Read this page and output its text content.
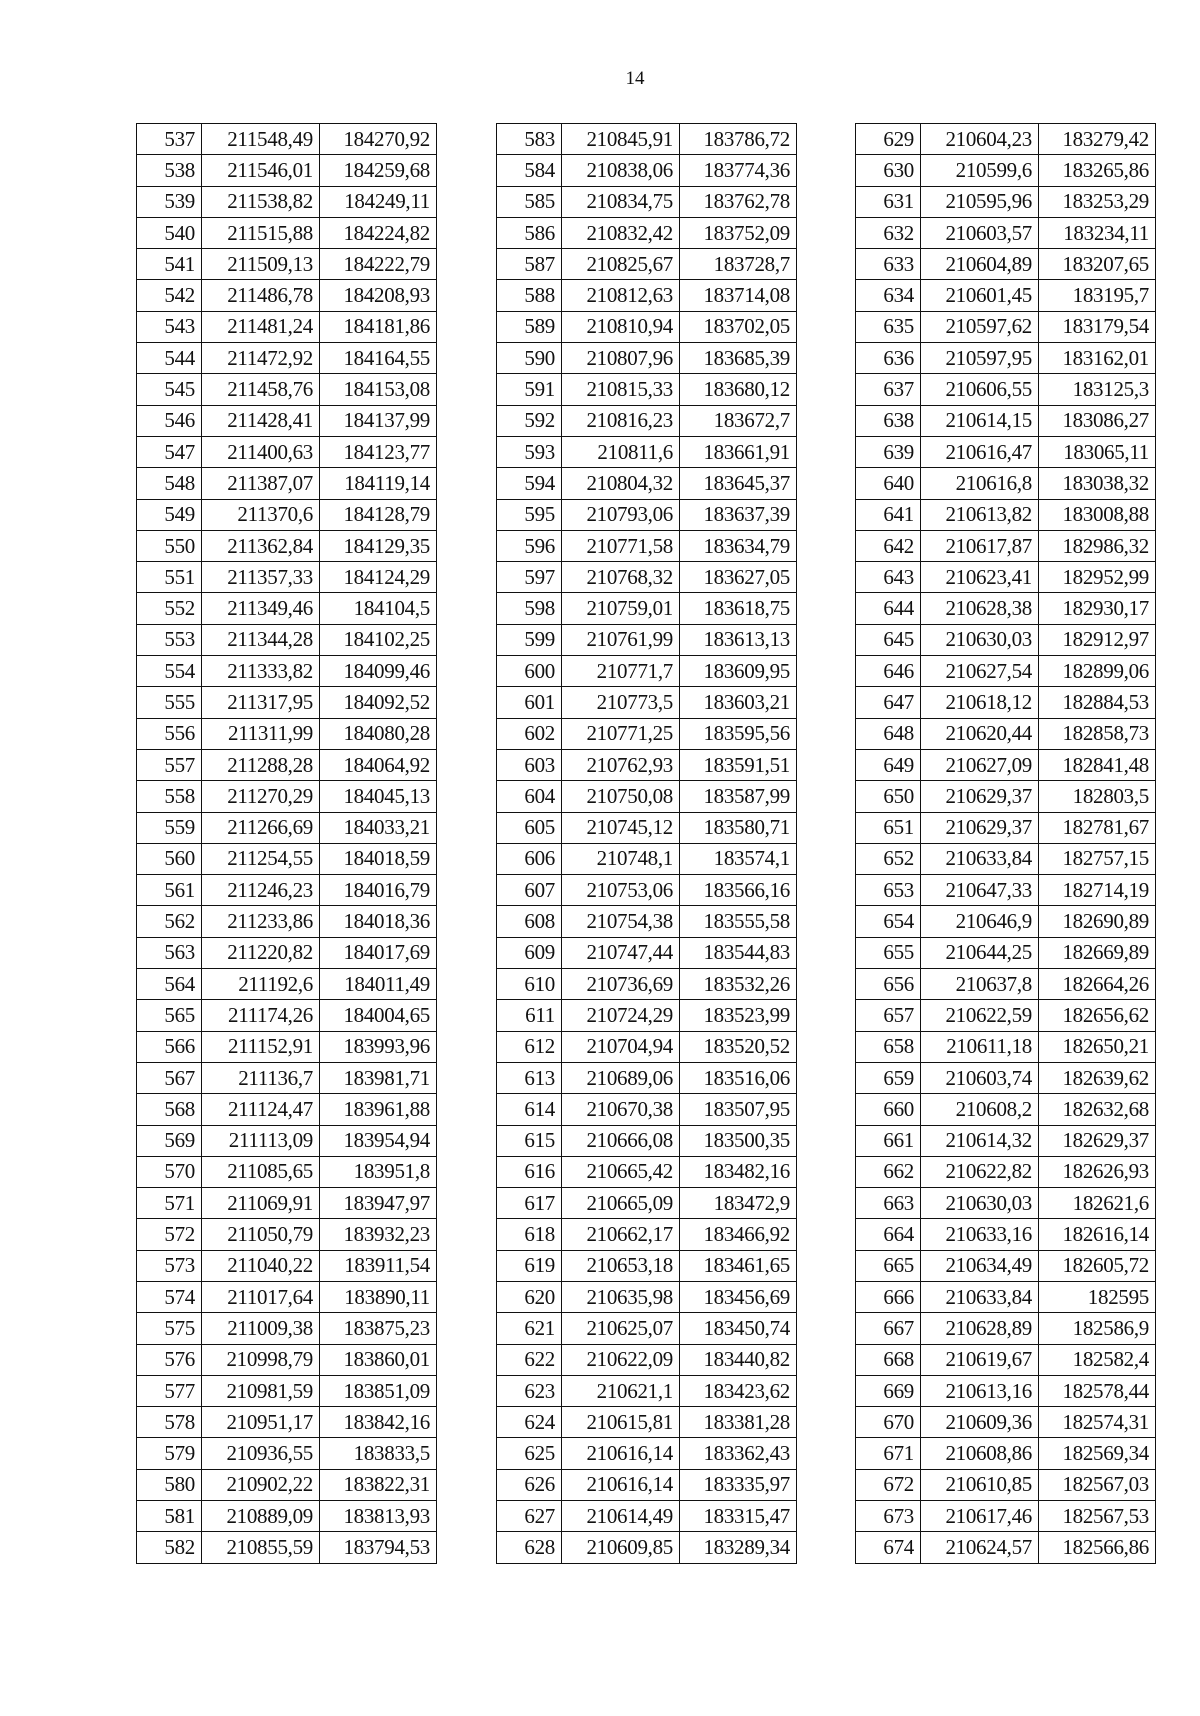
14
537	211548,49	184270,92
538	211546,01	184259,68
539	211538,82	184249,11
540	211515,88	184224,82
541	211509,13	184222,79
542	211486,78	184208,93
543	211481,24	184181,86
544	211472,92	184164,55
545	211458,76	184153,08
546	211428,41	184137,99
547	211400,63	184123,77
548	211387,07	184119,14
549	211370,6	184128,79
550	211362,84	184129,35
551	211357,33	184124,29
552	211349,46	184104,5
553	211344,28	184102,25
554	211333,82	184099,46
555	211317,95	184092,52
556	211311,99	184080,28
557	211288,28	184064,92
558	211270,29	184045,13
559	211266,69	184033,21
560	211254,55	184018,59
561	211246,23	184016,79
562	211233,86	184018,36
563	211220,82	184017,69
564	211192,6	184011,49
565	211174,26	184004,65
566	211152,91	183993,96
567	211136,7	183981,71
568	211124,47	183961,88
569	211113,09	183954,94
570	211085,65	183951,8
571	211069,91	183947,97
572	211050,79	183932,23
573	211040,22	183911,54
574	211017,64	183890,11
575	211009,38	183875,23
576	210998,79	183860,01
577	210981,59	183851,09
578	210951,17	183842,16
579	210936,55	183833,5
580	210902,22	183822,31
581	210889,09	183813,93
582	210855,59	183794,53
583	210845,91	183786,72
584	210838,06	183774,36
585	210834,75	183762,78
586	210832,42	183752,09
587	210825,67	183728,7
588	210812,63	183714,08
589	210810,94	183702,05
590	210807,96	183685,39
591	210815,33	183680,12
592	210816,23	183672,7
593	210811,6	183661,91
594	210804,32	183645,37
595	210793,06	183637,39
596	210771,58	183634,79
597	210768,32	183627,05
598	210759,01	183618,75
599	210761,99	183613,13
600	210771,7	183609,95
601	210773,5	183603,21
602	210771,25	183595,56
603	210762,93	183591,51
604	210750,08	183587,99
605	210745,12	183580,71
606	210748,1	183574,1
607	210753,06	183566,16
608	210754,38	183555,58
609	210747,44	183544,83
610	210736,69	183532,26
611	210724,29	183523,99
612	210704,94	183520,52
613	210689,06	183516,06
614	210670,38	183507,95
615	210666,08	183500,35
616	210665,42	183482,16
617	210665,09	183472,9
618	210662,17	183466,92
619	210653,18	183461,65
620	210635,98	183456,69
621	210625,07	183450,74
622	210622,09	183440,82
623	210621,1	183423,62
624	210615,81	183381,28
625	210616,14	183362,43
626	210616,14	183335,97
627	210614,49	183315,47
628	210609,85	183289,34
629	210604,23	183279,42
630	210599,6	183265,86
631	210595,96	183253,29
632	210603,57	183234,11
633	210604,89	183207,65
634	210601,45	183195,7
635	210597,62	183179,54
636	210597,95	183162,01
637	210606,55	183125,3
638	210614,15	183086,27
639	210616,47	183065,11
640	210616,8	183038,32
641	210613,82	183008,88
642	210617,87	182986,32
643	210623,41	182952,99
644	210628,38	182930,17
645	210630,03	182912,97
646	210627,54	182899,06
647	210618,12	182884,53
648	210620,44	182858,73
649	210627,09	182841,48
650	210629,37	182803,5
651	210629,37	182781,67
652	210633,84	182757,15
653	210647,33	182714,19
654	210646,9	182690,89
655	210644,25	182669,89
656	210637,8	182664,26
657	210622,59	182656,62
658	210611,18	182650,21
659	210603,74	182639,62
660	210608,2	182632,68
661	210614,32	182629,37
662	210622,82	182626,93
663	210630,03	182621,6
664	210633,16	182616,14
665	210634,49	182605,72
666	210633,84	182595
667	210628,89	182586,9
668	210619,67	182582,4
669	210613,16	182578,44
670	210609,36	182574,31
671	210608,86	182569,34
672	210610,85	182567,03
673	210617,46	182567,53
674	210624,57	182566,86
